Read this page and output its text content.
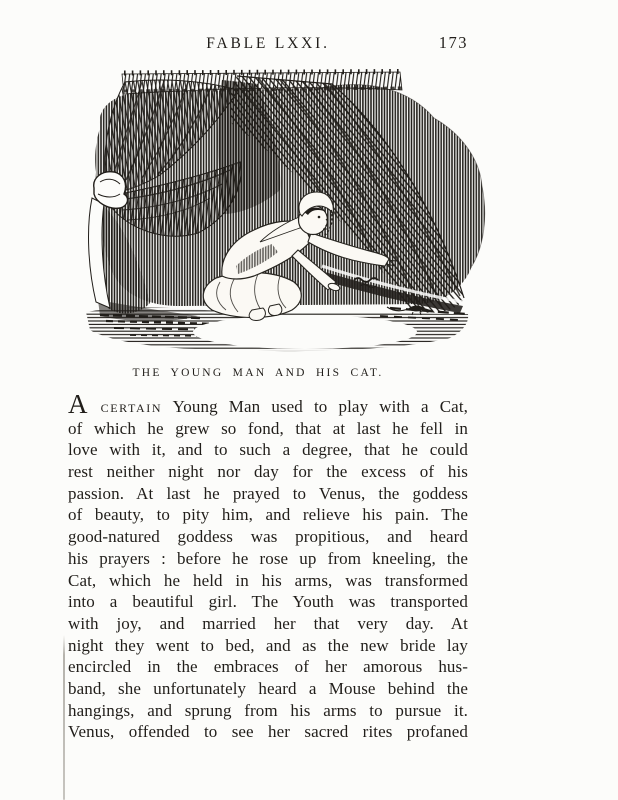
FABLE LXXI.	173
THE YOUNG MAN AND HIS CAT.
A certain Young Man used to play with a Cat,
of which he grew so fond, that at last he fell in
love with it, and to such a degree, that he could
rest neither night nor day for the excess of his
passion. At last he prayed to Venus, the goddess
of beauty, to pity him, and relieve his pain. The
good-natured goddess was propitious, and heard
his prayers : before he rose up from kneeling, the
Cat, which he held in his arms, was transformed
into a beautiful girl. The Youth was transported
with joy, and married her that very day. At
night they went to bed, and as the new bride lay
encircled in the embraces of her amorous hus-
band, she unfortunately heard a Mouse behind the
hangings, and sprung from his arms to pursue it.
Venus, offended to see her sacred rites profaned
